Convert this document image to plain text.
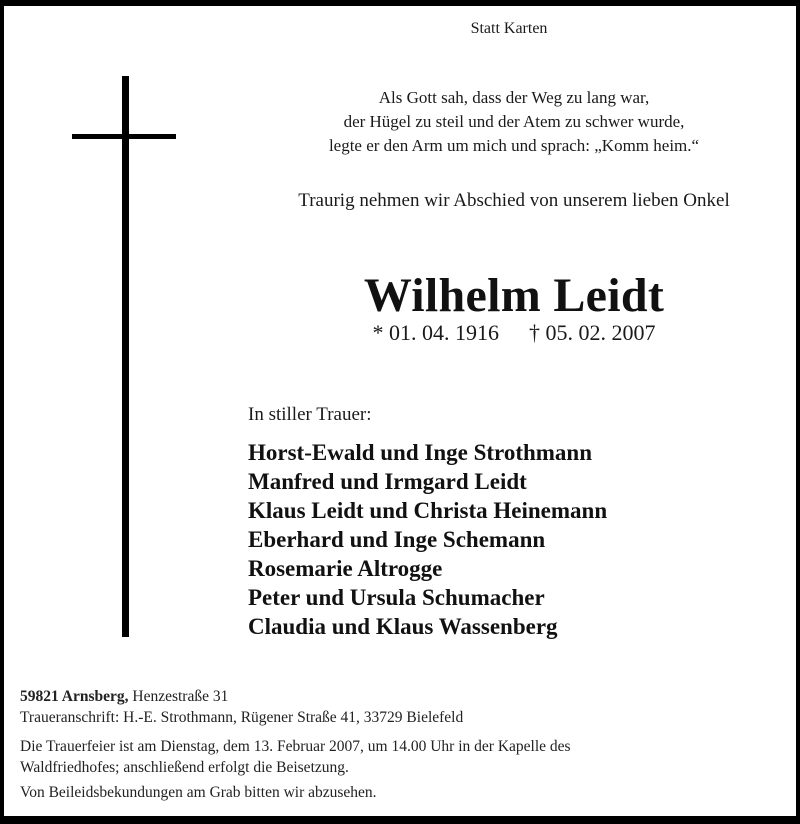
Statt Karten
Als Gott sah, dass der Weg zu lang war,
der Hügel zu steil und der Atem zu schwer wurde,
legte er den Arm um mich und sprach: „Komm heim.“
Traurig nehmen wir Abschied von unserem lieben Onkel
Wilhelm Leidt
* 01. 04. 1916 † 05. 02. 2007
In stiller Trauer:
Horst-Ewald und Inge Strothmann
Manfred und Irmgard Leidt
Klaus Leidt und Christa Heinemann
Eberhard und Inge Schemann
Rosemarie Altrogge
Peter und Ursula Schumacher
Claudia und Klaus Wassenberg
59821 Arnsberg, Henzestraße 31
Traueranschrift: H.-E. Strothmann, Rügener Straße 41, 33729 Bielefeld
Die Trauerfeier ist am Dienstag, dem 13. Februar 2007, um 14.00 Uhr in der Kapelle des
Waldfriedhofes; anschließend erfolgt die Beisetzung.
Von Beileidsbekundungen am Grab bitten wir abzusehen.
